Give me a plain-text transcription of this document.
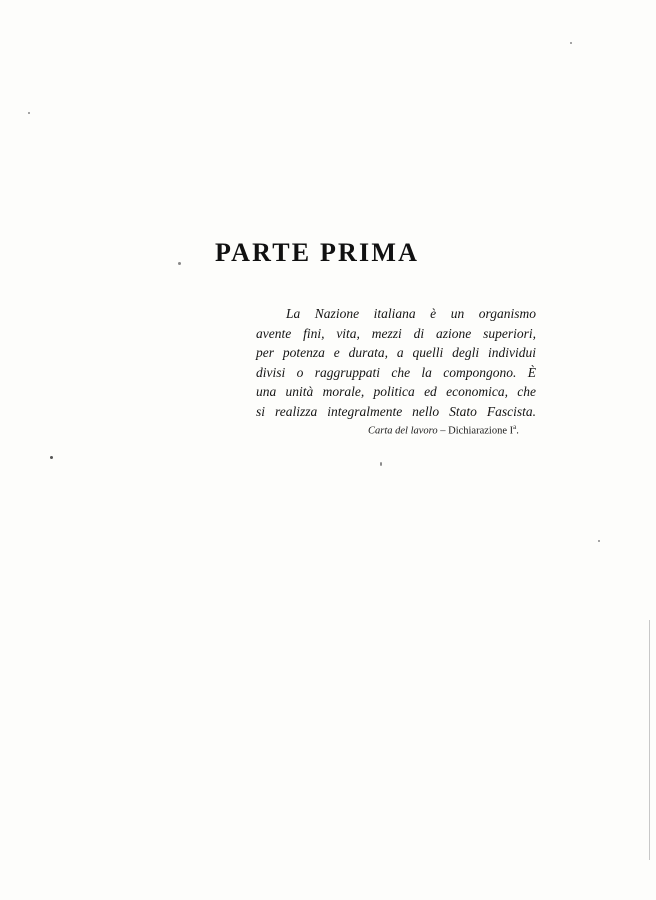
PARTE PRIMA
La Nazione italiana è un organismo
avente fini, vita, mezzi di azione superiori,
per potenza e durata, a quelli degli individui
divisi o raggruppati che la compongono. È
una unità morale, politica ed economica, che
si realizza integralmente nello Stato Fascista.
Carta del lavoro – Dichiarazione $I^a$.
